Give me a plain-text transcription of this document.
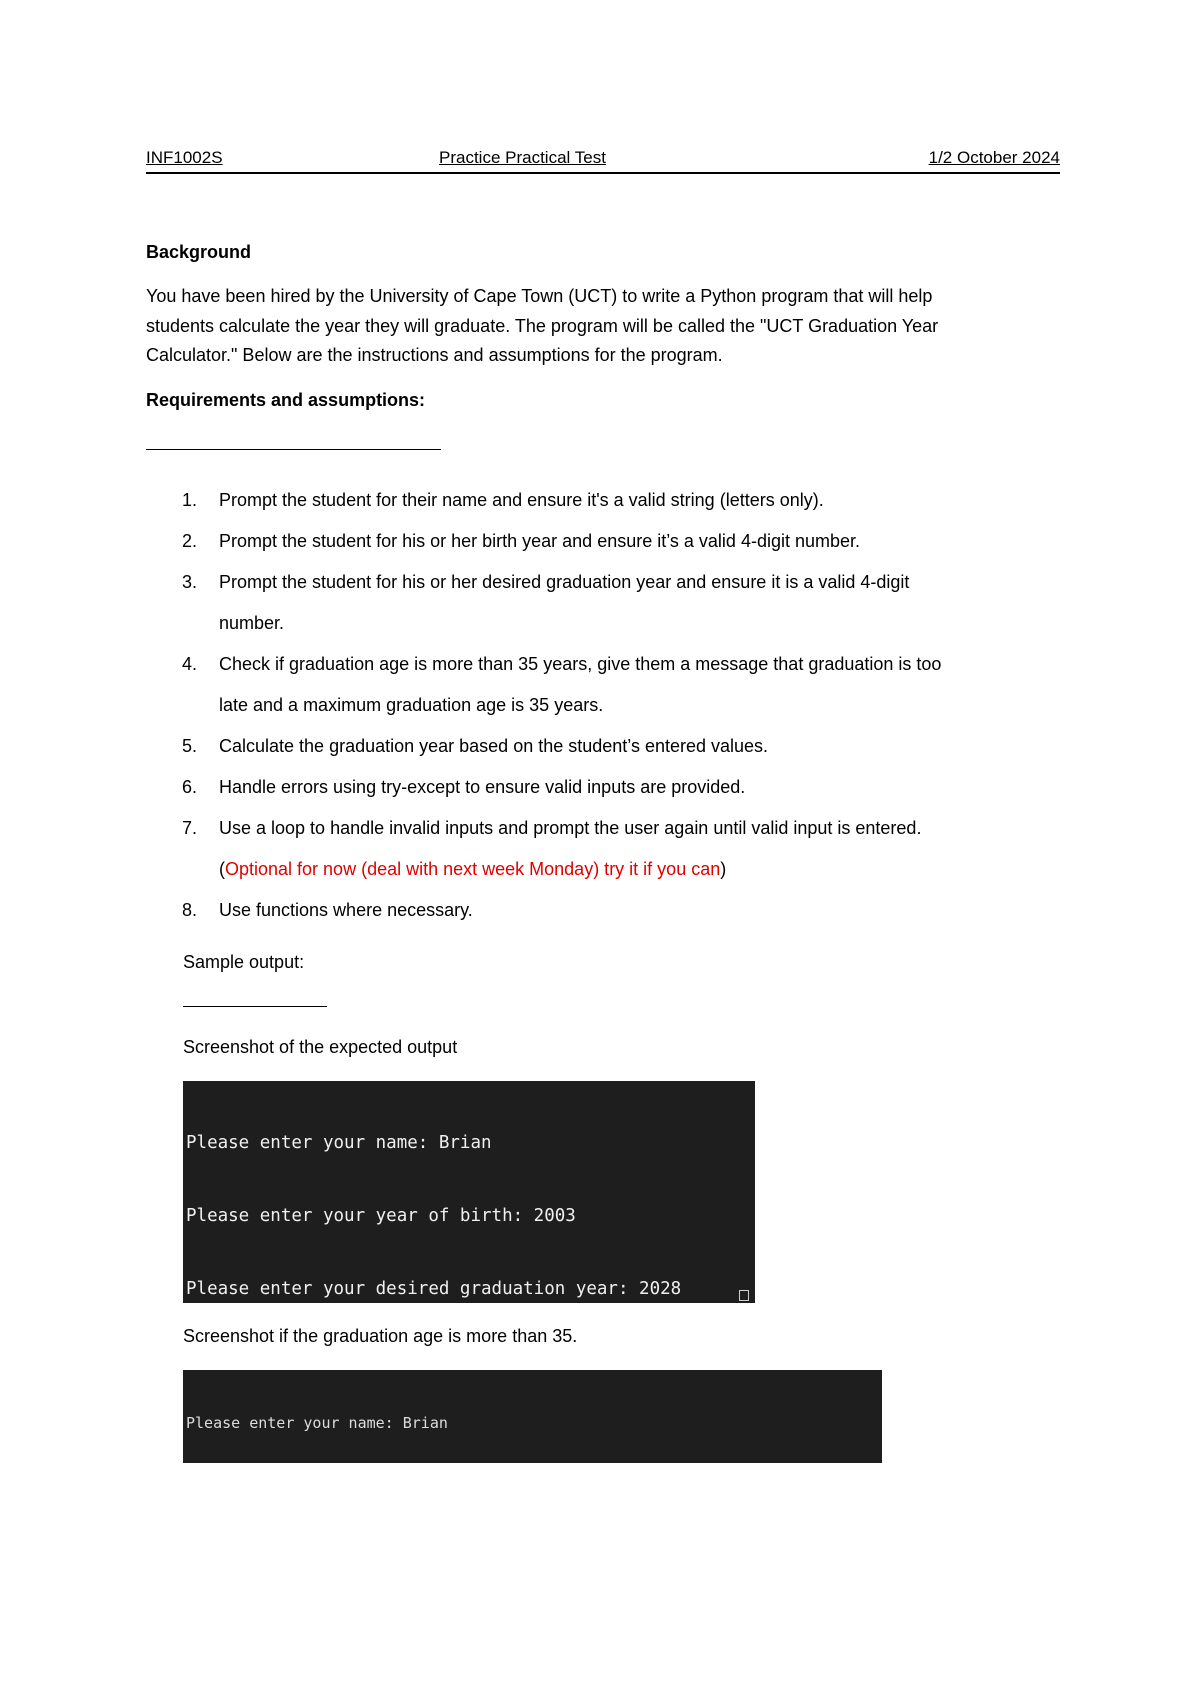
INF1002S	Practice Practical Test	1/2 October 2024
Background
You have been hired by the University of Cape Town (UCT) to write a Python program that will help
students calculate the year they will graduate. The program will be called the "UCT Graduation Year
Calculator." Below are the instructions and assumptions for the program.
Requirements and assumptions:
1. Prompt the student for their name and ensure it's a valid string (letters only).
2. Prompt the student for his or her birth year and ensure it’s a valid 4-digit number.
3. Prompt the student for his or her desired graduation year and ensure it is a valid 4-digit
number.
4. Check if graduation age is more than 35 years, give them a message that graduation is too
late and a maximum graduation age is 35 years.
5. Calculate the graduation year based on the student’s entered values.
6. Handle errors using try-except to ensure valid inputs are provided.
7. Use a loop to handle invalid inputs and prompt the user again until valid input is entered.
(Optional for now (deal with next week Monday) try it if you can)
8. Use functions where necessary.
Sample output:
Screenshot of the expected output

Please enter your name: Brian

Please enter your year of birth: 2003

Please enter your desired graduation year: 2028

Screenshot if the graduation age is more than 35.

Please enter your name: Brian
